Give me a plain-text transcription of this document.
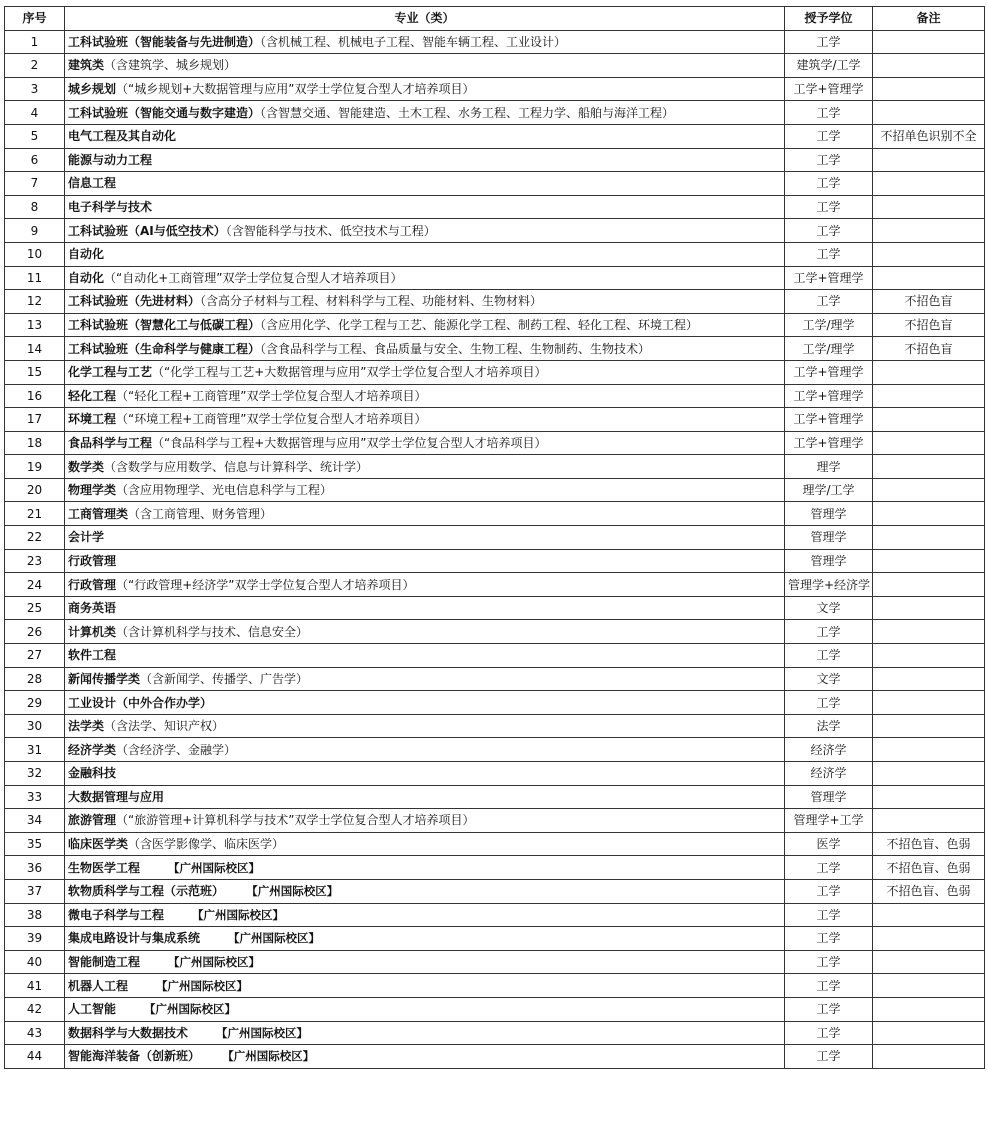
序号	专业（类）	授予学位	备注
1	工科试验班（智能装备与先进制造）（含机械工程、机械电子工程、智能车辆工程、工业设计）	工学	
2	建筑类（含建筑学、城乡规划）	建筑学/工学	
3	城乡规划（“城乡规划+大数据管理与应用”双学士学位复合型人才培养项目）	工学+管理学	
4	工科试验班（智能交通与数字建造）（含智慧交通、智能建造、土木工程、水务工程、工程力学、船舶与海洋工程）	工学	
5	电气工程及其自动化	工学	不招单色识别不全
6	能源与动力工程	工学	
7	信息工程	工学	
8	电子科学与技术	工学	
9	工科试验班（AI与低空技术）（含智能科学与技术、低空技术与工程）	工学	
10	自动化	工学	
11	自动化（“自动化+工商管理”双学士学位复合型人才培养项目）	工学+管理学	
12	工科试验班（先进材料）（含高分子材料与工程、材料科学与工程、功能材料、生物材料）	工学	不招色盲
13	工科试验班（智慧化工与低碳工程）（含应用化学、化学工程与工艺、能源化学工程、制药工程、轻化工程、环境工程）	工学/理学	不招色盲
14	工科试验班（生命科学与健康工程）（含食品科学与工程、食品质量与安全、生物工程、生物制药、生物技术）	工学/理学	不招色盲
15	化学工程与工艺（“化学工程与工艺+大数据管理与应用”双学士学位复合型人才培养项目）	工学+管理学	
16	轻化工程（“轻化工程+工商管理”双学士学位复合型人才培养项目）	工学+管理学	
17	环境工程（“环境工程+工商管理”双学士学位复合型人才培养项目）	工学+管理学	
18	食品科学与工程（“食品科学与工程+大数据管理与应用”双学士学位复合型人才培养项目）	工学+管理学	
19	数学类（含数学与应用数学、信息与计算科学、统计学）	理学	
20	物理学类（含应用物理学、光电信息科学与工程）	理学/工学	
21	工商管理类（含工商管理、财务管理）	管理学	
22	会计学	管理学	
23	行政管理	管理学	
24	行政管理（“行政管理+经济学”双学士学位复合型人才培养项目）	管理学+经济学	
25	商务英语	文学	
26	计算机类（含计算机科学与技术、信息安全）	工学	
27	软件工程	工学	
28	新闻传播学类（含新闻学、传播学、广告学）	文学	
29	工业设计（中外合作办学）	工学	
30	法学类（含法学、知识产权）	法学	
31	经济学类（含经济学、金融学）	经济学	
32	金融科技	经济学	
33	大数据管理与应用	管理学	
34	旅游管理（“旅游管理+计算机科学与技术”双学士学位复合型人才培养项目）	管理学+工学	
35	临床医学类（含医学影像学、临床医学）	医学	不招色盲、色弱
36	生物医学工程 【广州国际校区】	工学	不招色盲、色弱
37	软物质科学与工程（示范班） 【广州国际校区】	工学	不招色盲、色弱
38	微电子科学与工程 【广州国际校区】	工学	
39	集成电路设计与集成系统 【广州国际校区】	工学	
40	智能制造工程 【广州国际校区】	工学	
41	机器人工程 【广州国际校区】	工学	
42	人工智能 【广州国际校区】	工学	
43	数据科学与大数据技术 【广州国际校区】	工学	
44	智能海洋装备（创新班） 【广州国际校区】	工学	
